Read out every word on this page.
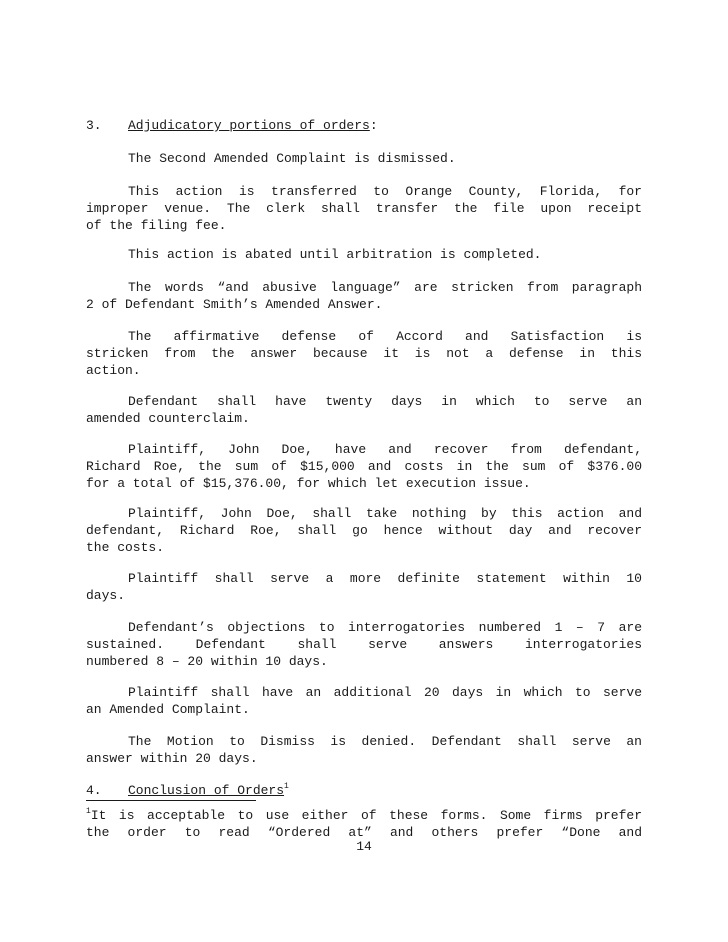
3. Adjudicatory portions of orders:
The Second Amended Complaint is dismissed.
This action is transferred to Orange County, Florida, for
improper venue. The clerk shall transfer the file upon receipt
of the filing fee.
This action is abated until arbitration is completed.
The words “and abusive language” are stricken from paragraph
2 of Defendant Smith’s Amended Answer.
The affirmative defense of Accord and Satisfaction is
stricken from the answer because it is not a defense in this
action.
Defendant shall have twenty days in which to serve an
amended counterclaim.
Plaintiff, John Doe, have and recover from defendant,
Richard Roe, the sum of $15,000 and costs in the sum of $376.00
for a total of $15,376.00, for which let execution issue.
Plaintiff, John Doe, shall take nothing by this action and
defendant, Richard Roe, shall go hence without day and recover
the costs.
Plaintiff shall serve a more definite statement within 10
days.
Defendant’s objections to interrogatories numbered 1 – 7 are
sustained. Defendant shall serve answers interrogatories
numbered 8 – 20 within 10 days.
Plaintiff shall have an additional 20 days in which to serve
an Amended Complaint.
The Motion to Dismiss is denied. Defendant shall serve an
answer within 20 days.
4. Conclusion of Orders$^1$
$^1$It is acceptable to use either of these forms. Some firms prefer
the order to read “Ordered at” and others prefer “Done and
14
